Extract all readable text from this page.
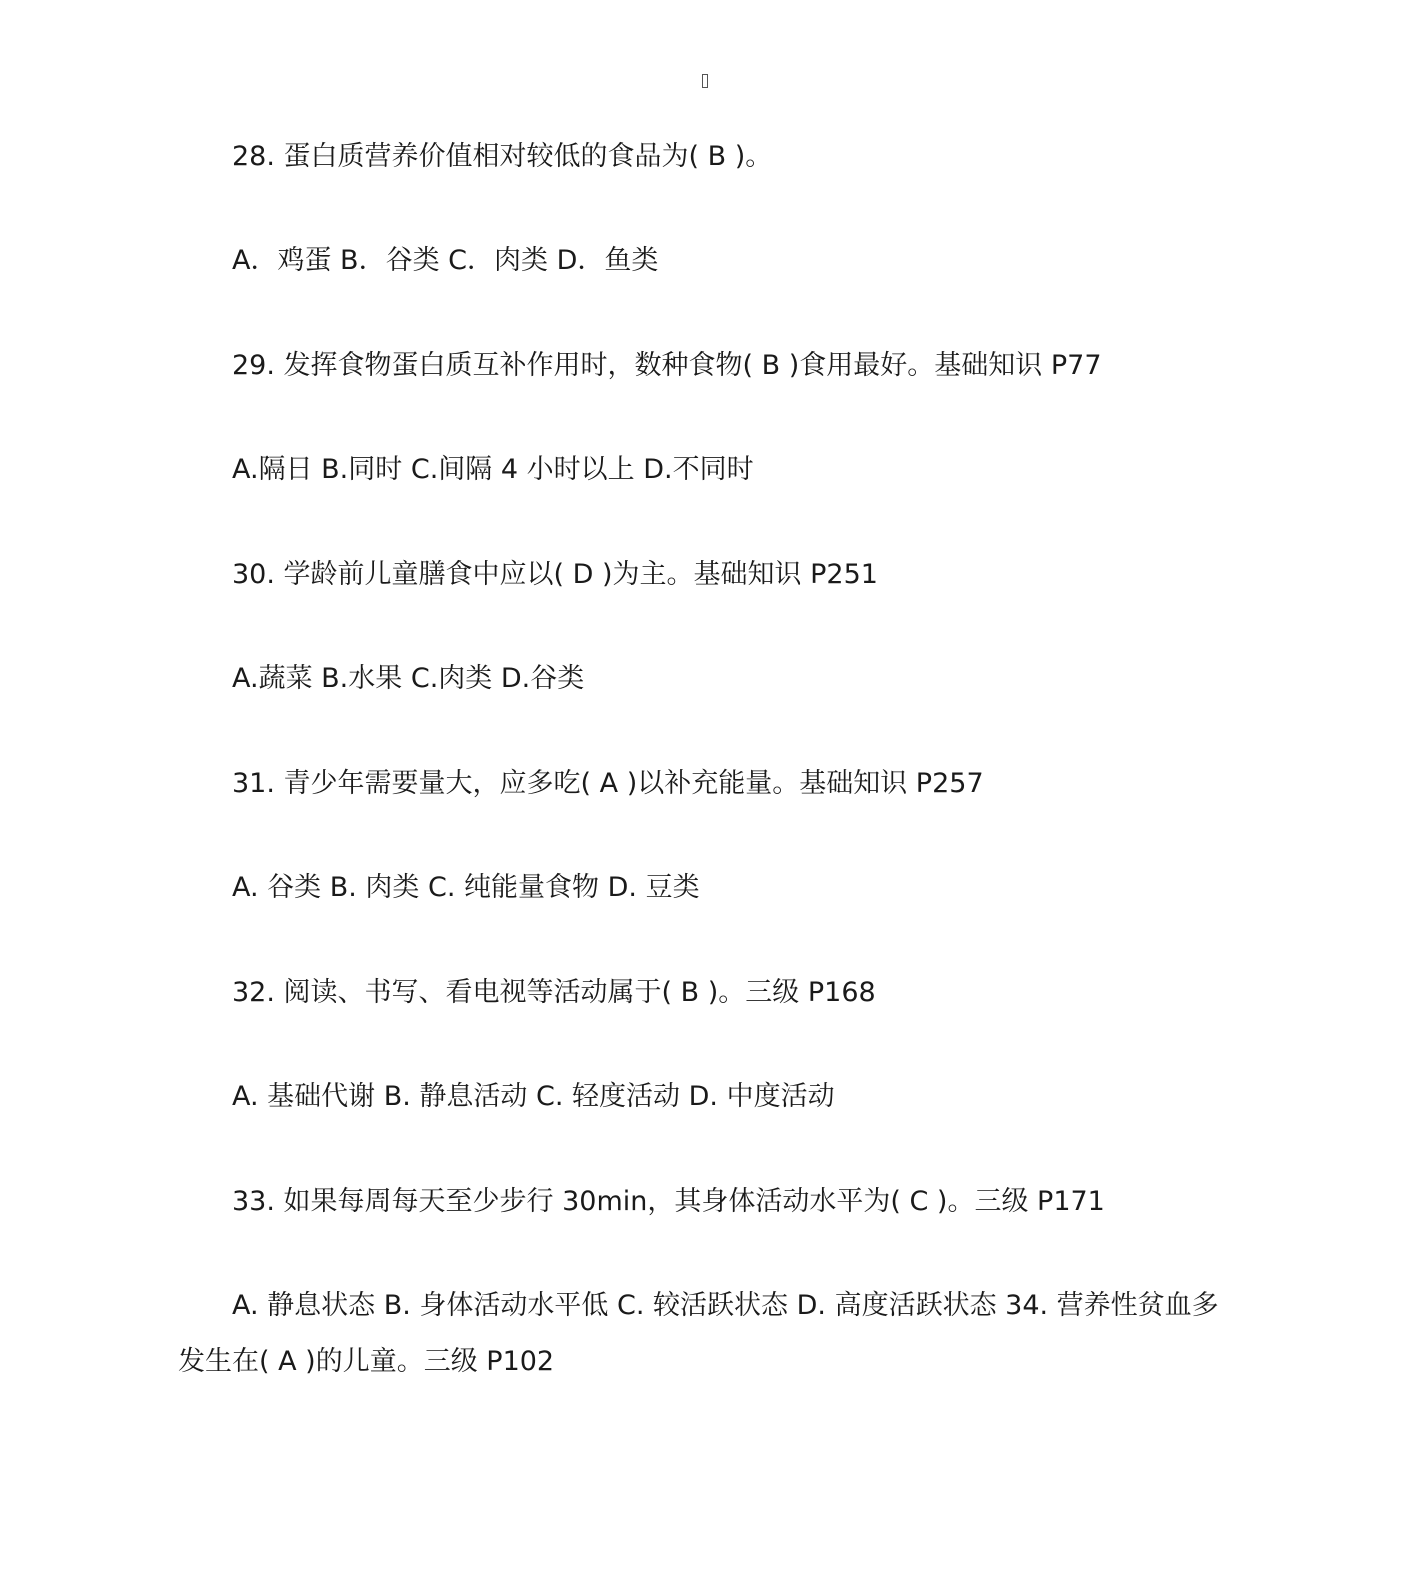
28. 蛋白质营养价值相对较低的食品为( B )。
A．鸡蛋 B．谷类 C．肉类 D．鱼类
29. 发挥食物蛋白质互补作用时，数种食物( B )食用最好。基础知识 P77
A.隔日 B.同时 C.间隔 4 小时以上 D.不同时
30. 学龄前儿童膳食中应以( D )为主。基础知识 P251
A.蔬菜 B.水果 C.肉类 D.谷类
31. 青少年需要量大，应多吃( A )以补充能量。基础知识 P257
A. 谷类 B. 肉类 C. 纯能量食物 D. 豆类
32. 阅读、书写、看电视等活动属于( B )。三级 P168
A. 基础代谢 B. 静息活动 C. 轻度活动 D. 中度活动
33. 如果每周每天至少步行 30min，其身体活动水平为( C )。三级 P171
A. 静息状态 B. 身体活动水平低 C. 较活跃状态 D. 高度活跃状态 34. 营养性贫血多发生在( A )的儿童。三级 P102
